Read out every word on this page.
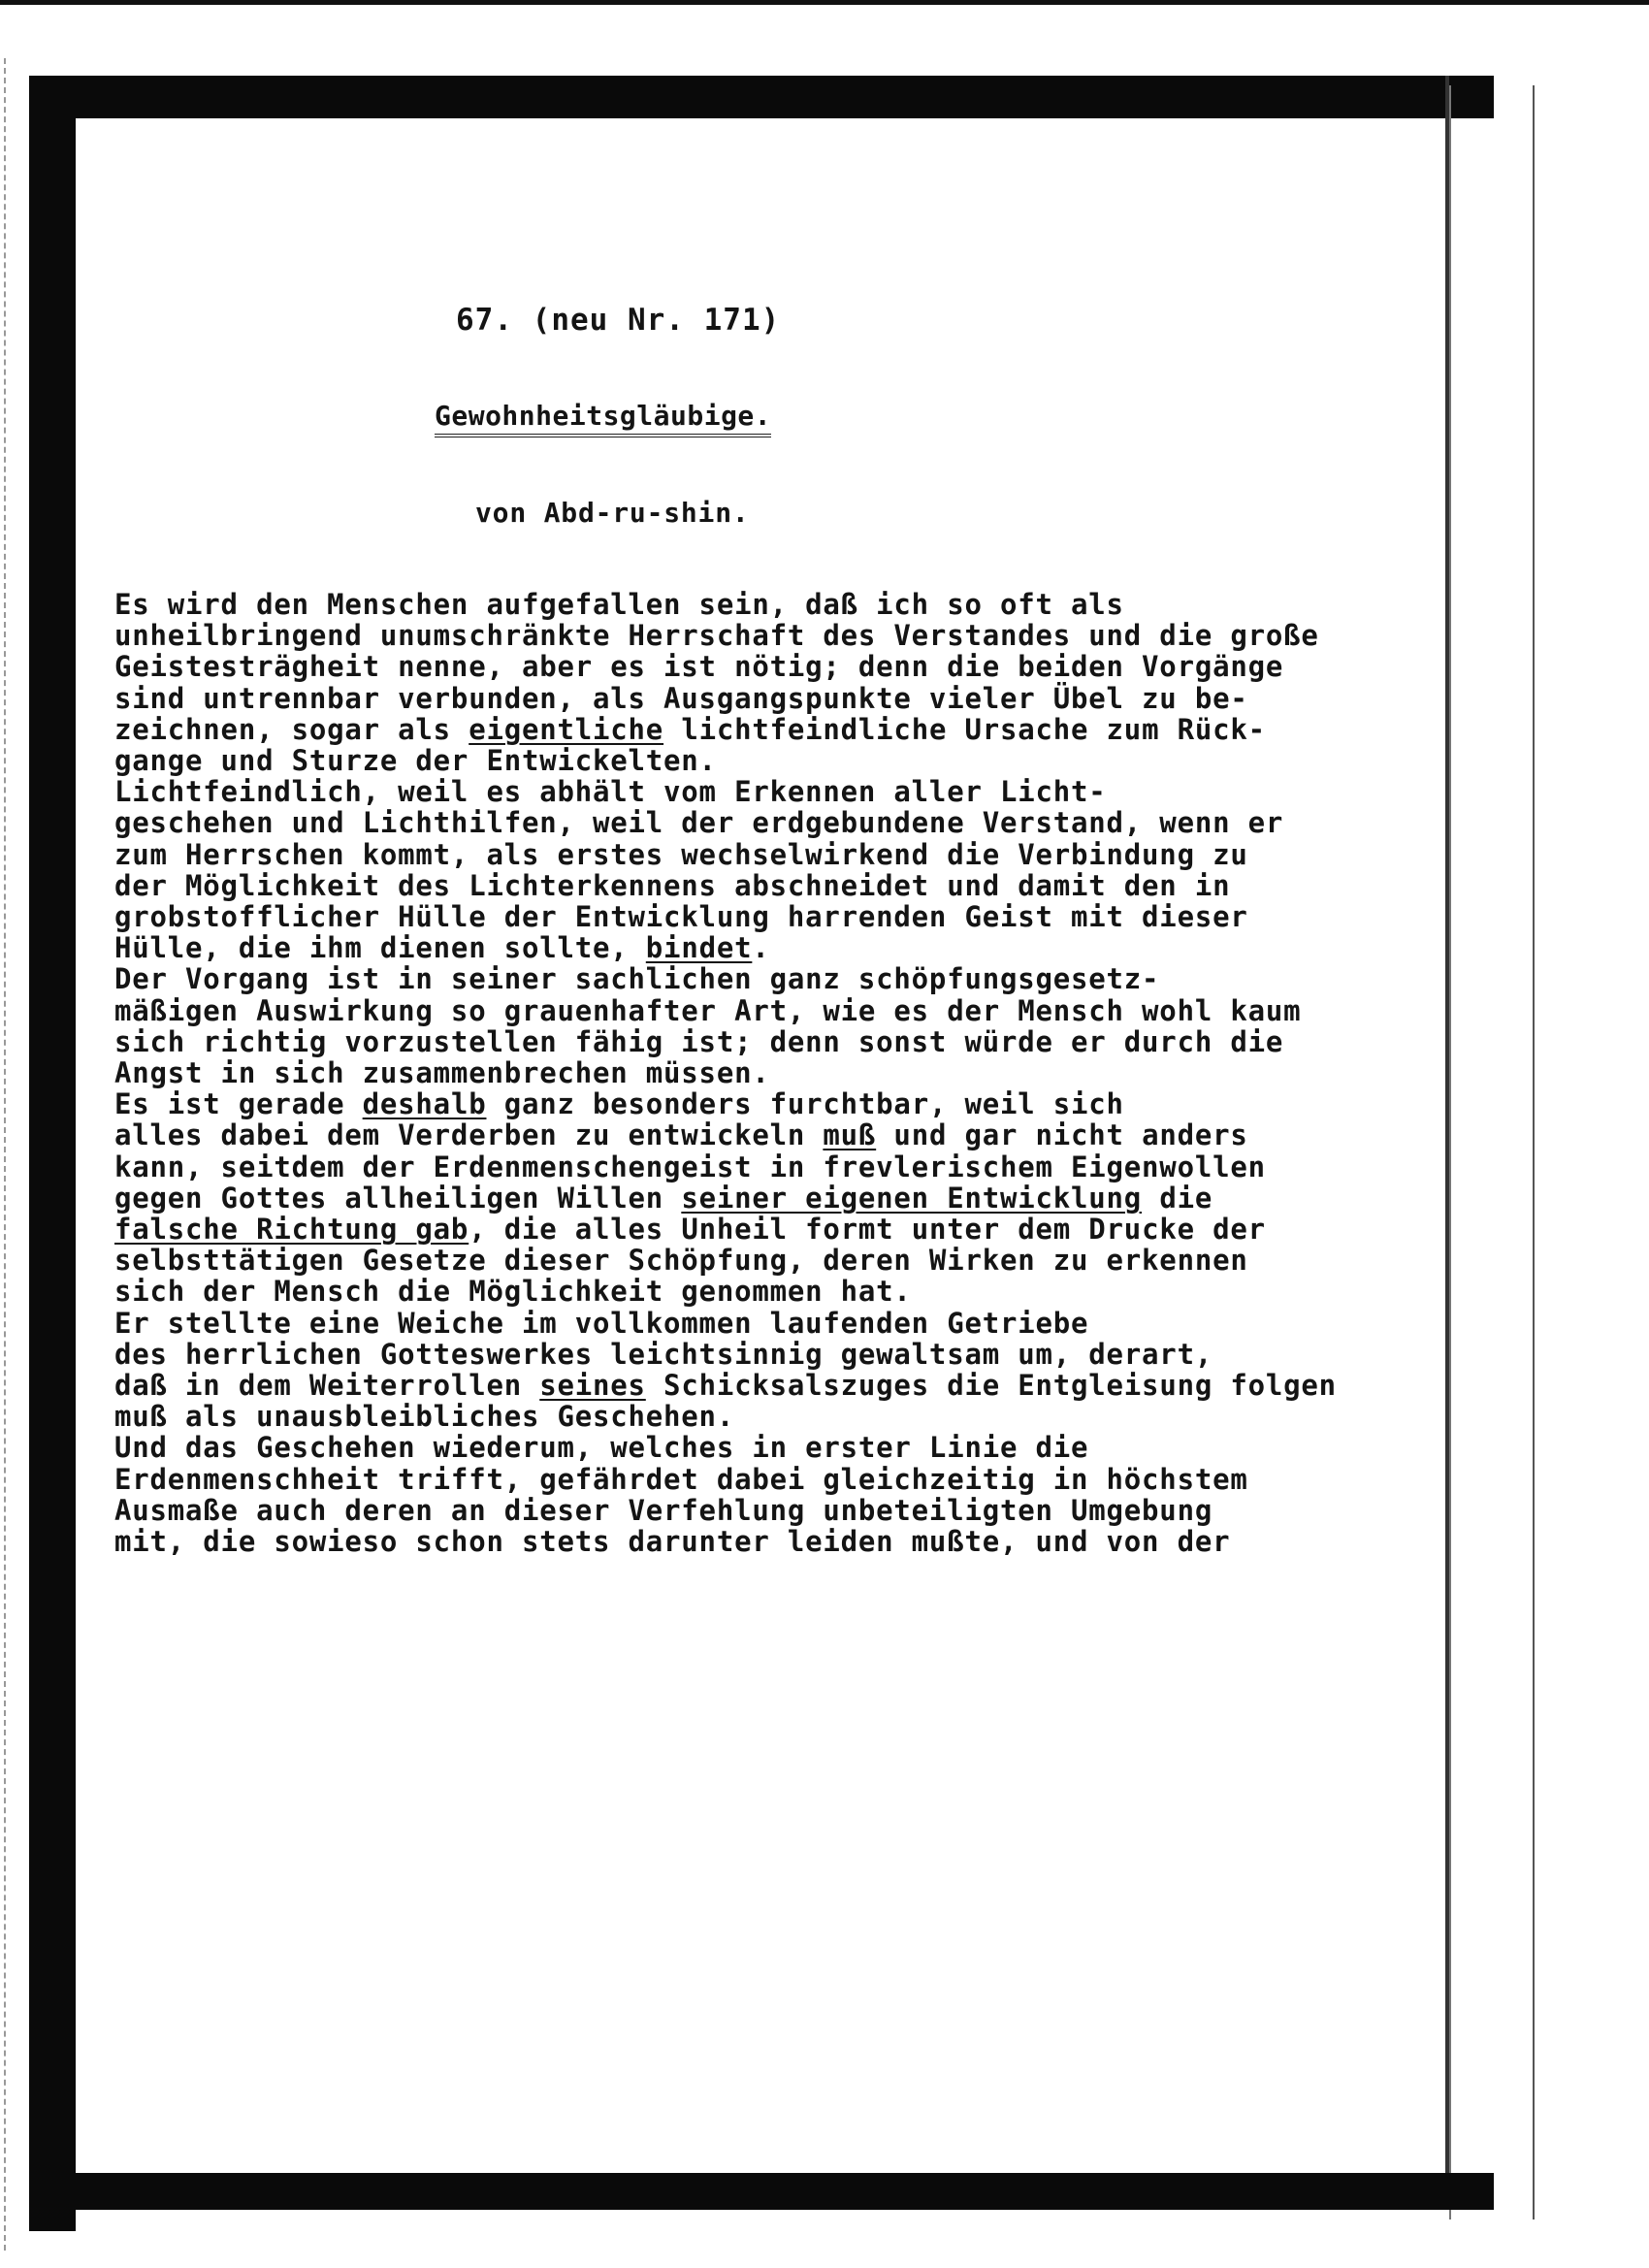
67. (neu Nr. 171)
Gewohnheitsgläubige.
von Abd-ru-shin.
Es wird den Menschen aufgefallen sein, daß ich so oft als
unheilbringend unumschränkte Herrschaft des Verstandes und die große
Geistesträgheit nenne, aber es ist nötig; denn die beiden Vorgänge
sind untrennbar verbunden, als Ausgangspunkte vieler Übel zu be-
zeichnen, sogar als eigentliche lichtfeindliche Ursache zum Rück-
gange und Sturze der Entwickelten.
Lichtfeindlich, weil es abhält vom Erkennen aller Licht-
geschehen und Lichthilfen, weil der erdgebundene Verstand, wenn er
zum Herrschen kommt, als erstes wechselwirkend die Verbindung zu
der Möglichkeit des Lichterkennens abschneidet und damit den in
grobstofflicher Hülle der Entwicklung harrenden Geist mit dieser
Hülle, die ihm dienen sollte, bindet.
Der Vorgang ist in seiner sachlichen ganz schöpfungsgesetz-
mäßigen Auswirkung so grauenhafter Art, wie es der Mensch wohl kaum
sich richtig vorzustellen fähig ist; denn sonst würde er durch die
Angst in sich zusammenbrechen müssen.
Es ist gerade deshalb ganz besonders furchtbar, weil sich
alles dabei dem Verderben zu entwickeln muß und gar nicht anders
kann, seitdem der Erdenmenschengeist in frevlerischem Eigenwollen
gegen Gottes allheiligen Willen seiner eigenen Entwicklung die
falsche Richtung gab, die alles Unheil formt unter dem Drucke der
selbsttätigen Gesetze dieser Schöpfung, deren Wirken zu erkennen
sich der Mensch die Möglichkeit genommen hat.
Er stellte eine Weiche im vollkommen laufenden Getriebe
des herrlichen Gotteswerkes leichtsinnig gewaltsam um, derart,
daß in dem Weiterrollen seines Schicksalszuges die Entgleisung folgen
muß als unausbleibliches Geschehen.
Und das Geschehen wiederum, welches in erster Linie die
Erdenmenschheit trifft, gefährdet dabei gleichzeitig in höchstem
Ausmaße auch deren an dieser Verfehlung unbeteiligten Umgebung
mit, die sowieso schon stets darunter leiden mußte, und von der
